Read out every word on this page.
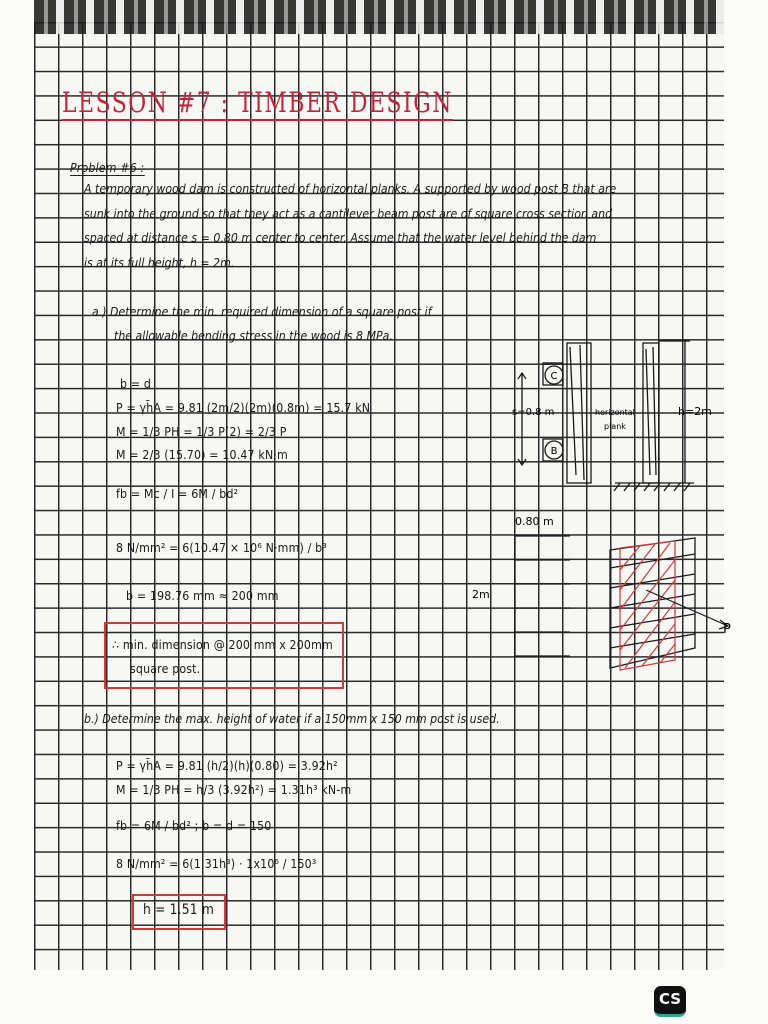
LESSON #7 : TIMBER DESIGN
Problem #6 :
A temporary wood dam is constructed of horizontal planks. A supported by wood post B that are
sunk into the ground so that they act as a cantilever beam post are of square cross section and
spaced at distance s = 0.80 m center to center. Assume that the water level behind the dam
is at its full height, h = 2m.
a.) Determine the min. required dimension of a square post if
the allowable bending stress in the wood is 8 MPa.
b = d
P = γh̄A = 9.81 (2m/2)(2m)(0.8m) = 15.7 kN
M = 1/3 PH = 1/3 P(2) = 2/3 P
M = 2/3 (15.70) = 10.47 kN·m
fb = Mc / I = 6M / bd²
8 N/mm² = 6(10.47 × 10⁶ N·mm) / b³
b = 198.76 mm ≈ 200 mm
∴ min. dimension @ 200 mm x 200mm
square post.
b.) Determine the max. height of water if a 150mm x 150 mm post is used.
P = γh̄A = 9.81 (h/2)(h)(0.80) = 3.92h²
M = 1/3 PH = h/3 (3.92h²) = 1.31h³ kN-m
fb = 6M / bd² ; b = d = 150
8 N/mm² = 6(1.31h³) · 1x10⁶ / 150³
h = 1.51 m
C
B
s=0.8 m	horizontal
plank
h=2m
0.80 m
2m
P
CS
